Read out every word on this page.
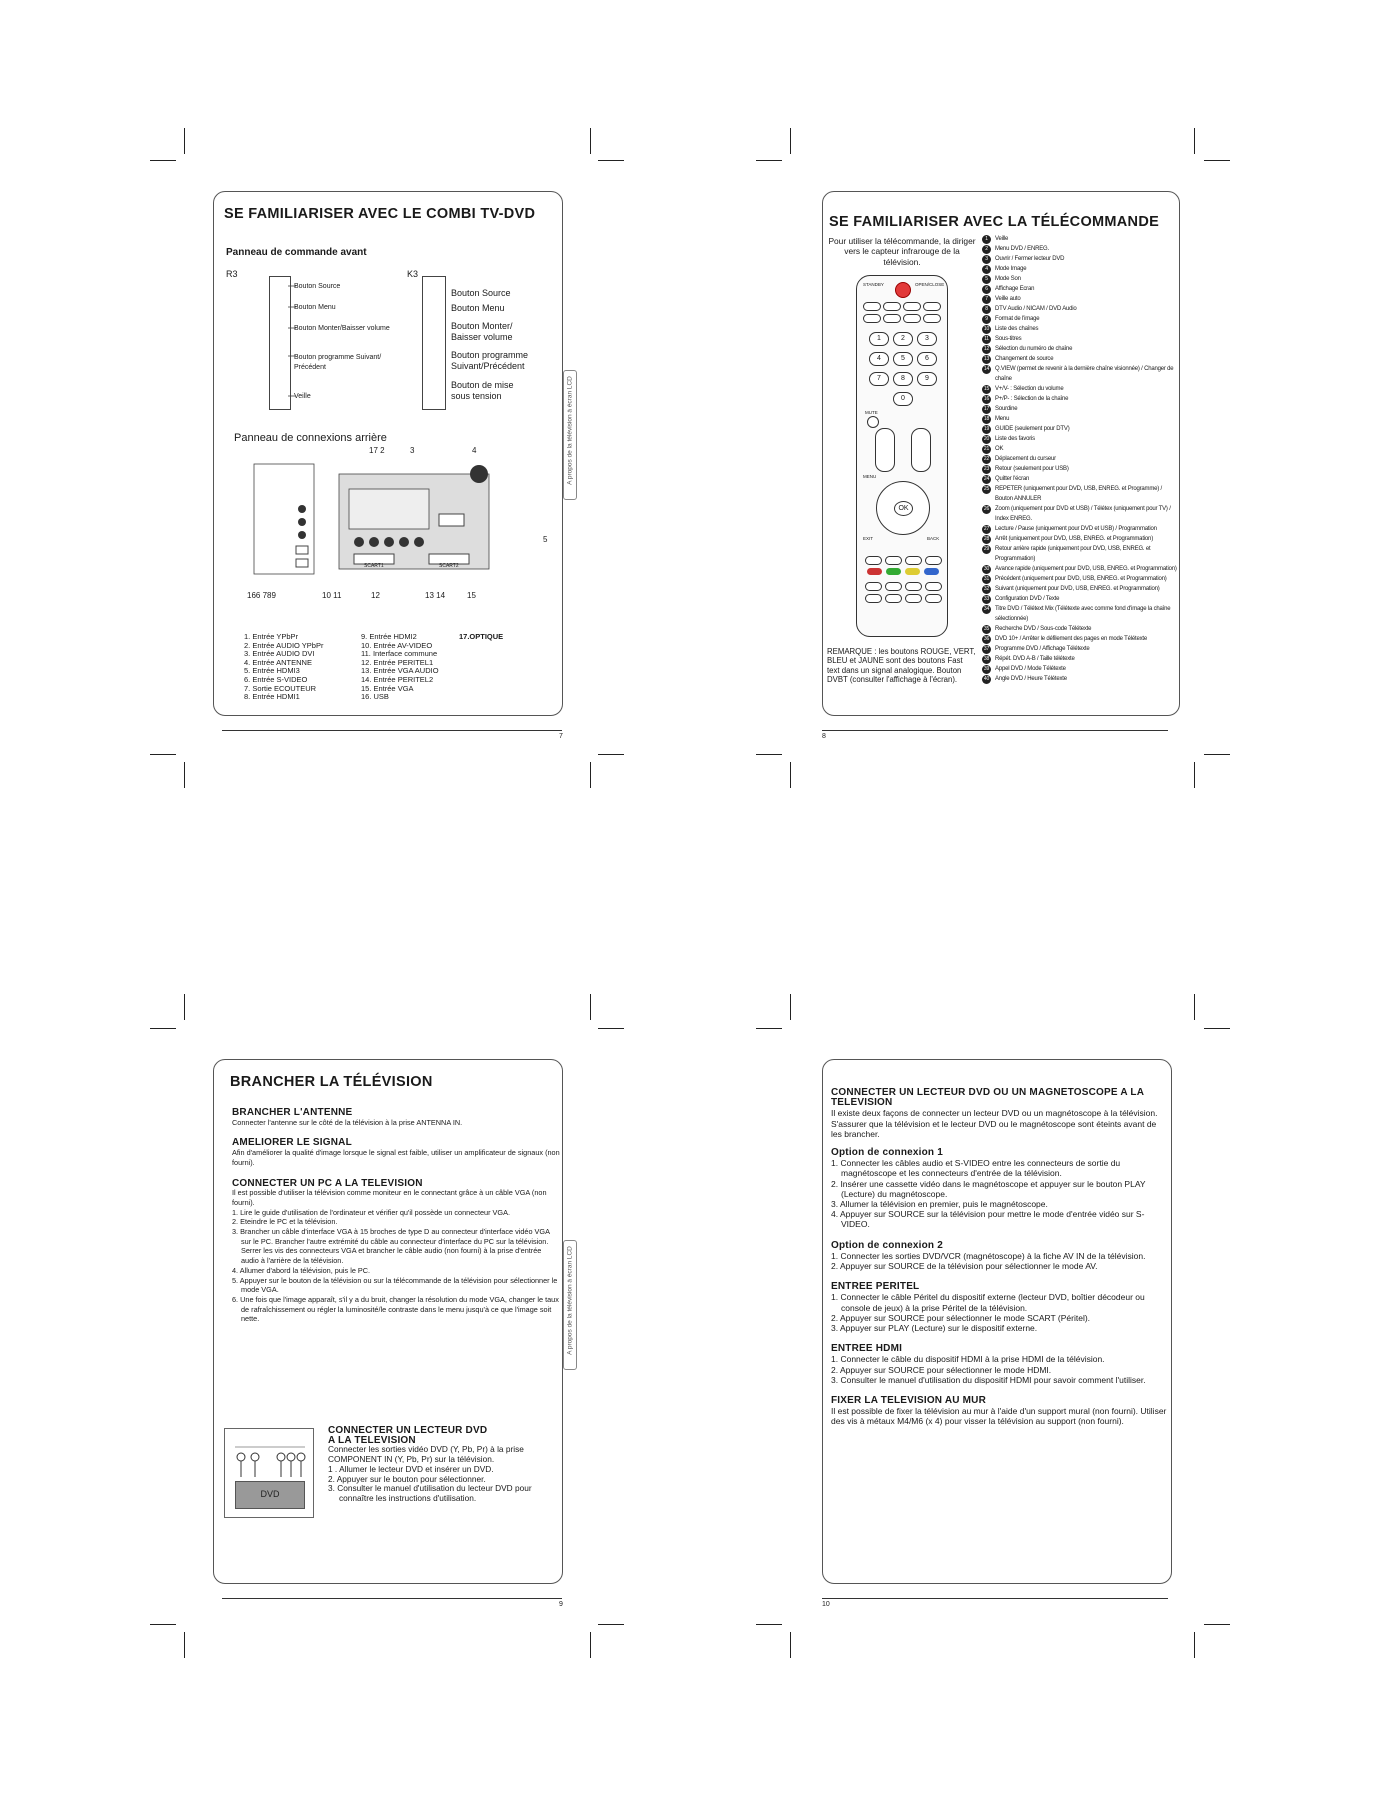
SE FAMILIARISER AVEC LE COMBI TV-DVD
Panneau de commande avant
R3	K3
Bouton Source
Bouton Menu
Bouton Monter/Baisser volume
Bouton programme Suivant/ Précédent
Veille
Bouton Source
Bouton Menu
Bouton Monter/ Baisser volume
Bouton programme Suivant/Précédent
Bouton de mise sous tension
Panneau de connexions arrière
17 2	3	4
5
SCART1	SCART2
166 789	10 11	12	13 14	15
1. Entrée YPbPr
2. Entrée AUDIO YPbPr
3. Entrée AUDIO DVI
4. Entrée ANTENNE
5. Entrée HDMI3
6. Entrée S-VIDEO
7. Sortie ECOUTEUR
8. Entrée HDMI1
9. Entrée HDMI2
10. Entrée AV-VIDEO
11. Interface commune
12. Entrée PERITEL1
13. Entrée VGA AUDIO
14. Entrée PERITEL2
15. Entrée VGA
16. USB
17.OPTIQUE
A propos de la télévision à écran LCD
7
SE FAMILIARISER AVEC LA TÉLÉCOMMANDE
Pour utiliser la télécommande, la diriger vers le capteur infrarouge de la télévision.
STANDBY	OPEN/CLOSE
1	2	3
4	5	6
7	8	9
0
MUTE
MENU
OK
EXIT	BACK
REMARQUE : les boutons ROUGE, VERT, BLEU et JAUNE sont des boutons Fast text dans un signal analogique. Bouton DVBT (consulter l'affichage à l'écran).
1	Veille
2	Menu DVD / ENREG.
3	Ouvrir / Fermer lecteur DVD
4	Mode Image
5	Mode Son
6	Affichage Ecran
7	Veille auto
8	DTV Audio / NICAM / DVD Audio
9	Format de l'image
10 Liste des chaînes
11	Sous-titres
12 Sélection du numéro de chaîne
13 Changement de source
14 Q.VIEW (permet de revenir à la dernière chaîne visionnée) / Changer de chaîne
15 V+/V- : Sélection du volume
16 P+/P- : Sélection de la chaîne
17 Sourdine
18 Menu
19 GUIDE (seulement pour DTV)
20 Liste des favoris
21 OK
22 Déplacement du curseur
23 Retour (seulement pour USB)
24 Quitter l'écran
25 REPETER (uniquement pour DVD, USB, ENREG. et Programme) / Bouton ANNULER
26 Zoom (uniquement pour DVD et USB) / Télétex (uniquement pour TV) / Index ENREG.
27 Lecture / Pause (uniquement pour DVD et USB) / Programmation
28 Arrêt (uniquement pour DVD, USB, ENREG. et Programmation)
29 Retour arrière rapide (uniquement pour DVD, USB, ENREG. et Programmation)
30 Avance rapide (uniquement pour DVD, USB, ENREG. et Programmation)
31 Précédent (uniquement pour DVD, USB, ENREG. et Programmation)
32 Suivant (uniquement pour DVD, USB, ENREG. et Programmation)
33 Configuration DVD / Texte
34 Titre DVD / Télétext Mix (Télétexte avec comme fond d'image la chaîne sélectionnée)
35 Recherche DVD / Sous-code Télétexte
36 DVD 10+ / Arrêter le défilement des pages en mode Télétexte
37 Programme DVD / Affichage Télétexte
38 Répét. DVD A-B / Taille télétexte
39 Appel DVD / Mode Télétexte
40 Angle DVD / Heure Télétexte
8
BRANCHER LA TÉLÉVISION
BRANCHER L'ANTENNE
Connecter l'antenne sur le côté de la télévision à la prise ANTENNA IN.
AMELIORER LE SIGNAL
Afin d'améliorer la qualité d'image lorsque le signal est faible, utiliser un amplificateur de signaux (non fourni).
CONNECTER UN PC A LA TELEVISION
Il est possible d'utiliser la télévision comme moniteur en le connectant grâce à un câble VGA (non fourni).
1. Lire le guide d'utilisation de l'ordinateur et vérifier qu'il possède un connecteur VGA.
2. Eteindre le PC et la télévision.
3. Brancher un câble d'interface VGA à 15 broches de type D au connecteur d'interface vidéo VGA sur le PC. Brancher l'autre extrémité du câble au connecteur d'interface du PC sur la télévision. Serrer les vis des connecteurs VGA et brancher le câble audio (non fourni) à la prise d'entrée audio à l'arrière de la télévision.
4. Allumer d'abord la télévision, puis le PC.
5. Appuyer sur le bouton de la télévision ou sur la télécommande de la télévision pour sélectionner le mode VGA.
6. Une fois que l'image apparaît, s'il y a du bruit, changer la résolution du mode VGA, changer le taux de rafraîchissement ou régler la luminosité/le contraste dans le menu jusqu'à ce que l'image soit nette.
DVD
CONNECTER UN LECTEUR DVD A LA TELEVISION
Connecter les sorties vidéo DVD (Y, Pb, Pr) à la prise COMPONENT IN (Y, Pb, Pr) sur la télévision.
1 . Allumer le lecteur DVD et insérer un DVD.
2. Appuyer sur le bouton pour sélectionner.
3. Consulter le manuel d'utilisation du lecteur DVD pour connaître les instructions d'utilisation.
A propos de la télévision à écran LCD
9
CONNECTER UN LECTEUR DVD OU UN MAGNETOSCOPE A LA TELEVISION
Il existe deux façons de connecter un lecteur DVD ou un magnétoscope à la télévision. S'assurer que la télévision et le lecteur DVD ou le magnétoscope sont éteints avant de les brancher.
Option de connexion 1
1. Connecter les câbles audio et S-VIDEO entre les connecteurs de sortie du magnétoscope et les connecteurs d'entrée de la télévision.
2. Insérer une cassette vidéo dans le magnétoscope et appuyer sur le bouton PLAY (Lecture) du magnétoscope.
3. Allumer la télévision en premier, puis le magnétoscope.
4. Appuyer sur SOURCE sur la télévision pour mettre le mode d'entrée vidéo sur S-VIDEO.
Option de connexion 2
1. Connecter les sorties DVD/VCR (magnétoscope) à la fiche AV IN de la télévision.
2. Appuyer sur SOURCE de la télévision pour sélectionner le mode AV.
ENTREE PERITEL
1. Connecter le câble Péritel du dispositif externe (lecteur DVD, boîtier décodeur ou console de jeux) à la prise Péritel de la télévision.
2. Appuyer sur SOURCE pour sélectionner le mode SCART (Péritel).
3. Appuyer sur PLAY (Lecture) sur le dispositif externe.
ENTREE HDMI
1. Connecter le câble du dispositif HDMI à la prise HDMI de la télévision.
2. Appuyer sur SOURCE pour sélectionner le mode HDMI.
3. Consulter le manuel d'utilisation du dispositif HDMI pour savoir comment l'utiliser.
FIXER LA TELEVISION AU MUR
Il est possible de fixer la télévision au mur à l'aide d'un support mural (non fourni). Utiliser des vis à métaux M4/M6 (x 4) pour visser la télévision au support (non fourni).
10
